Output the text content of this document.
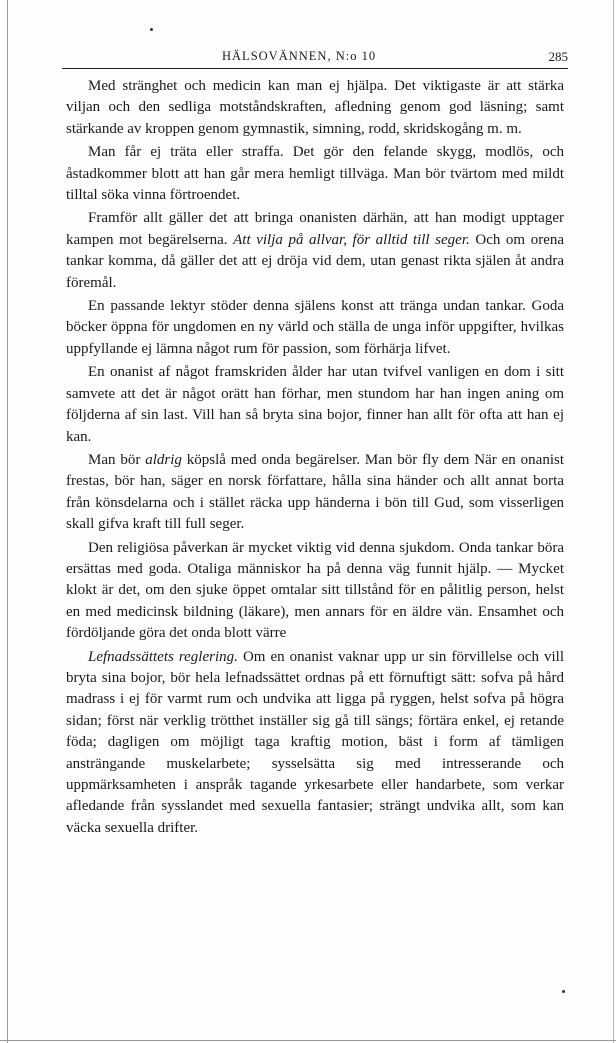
HÄLSOVÄNNEN, N:o 10	285

Med stränghet och medicin kan man ej hjälpa. Det viktigaste är att stärka viljan och den sedliga motståndskraften, afledning genom god läsning; samt stärkande av kroppen genom gymnastik, simning, rodd, skridskogång m. m.

Man får ej träta eller straffa. Det gör den felande skygg, modlös, och åstadkommer blott att han går mera hemligt tillväga. Man bör tvärtom med mildt tilltal söka vinna förtroendet.

Framför allt gäller det att bringa onanisten därhän, att han modigt upptager kampen mot begärelserna. Att vilja på allvar, för alltid till seger. Och om orena tankar komma, då gäller det att ej dröja vid dem, utan genast rikta själen åt andra föremål.

En passande lektyr stöder denna själens konst att tränga undan tankar. Goda böcker öppna för ungdomen en ny värld och ställa de unga inför uppgifter, hvilkas uppfyllande ej lämna något rum för passion, som förhärja lifvet.

En onanist af något framskriden ålder har utan tvifvel vanligen en dom i sitt samvete att det är något orätt han förhar, men stundom har han ingen aning om följderna af sin last. Vill han så bryta sina bojor, finner han allt för ofta att han ej kan.

Man bör aldrig köpslå med onda begärelser. Man bör fly dem När en onanist frestas, bör han, säger en norsk författare, hålla sina händer och allt annat borta från könsdelarna och i stället räcka upp händerna i bön till Gud, som visserligen skall gifva kraft till full seger.

Den religiösa påverkan är mycket viktig vid denna sjukdom. Onda tankar böra ersättas med goda. Otaliga människor ha på denna väg funnit hjälp. — Mycket klokt är det, om den sjuke öppet omtalar sitt tillstånd för en pålitlig person, helst en med medicinsk bildning (läkare), men annars för en äldre vän. Ensamhet och fördöljande göra det onda blott värre

Lefnadssättets reglering. Om en onanist vaknar upp ur sin förvillelse och vill bryta sina bojor, bör hela lefnadssättet ordnas på ett förnuftigt sätt: sofva på hård madrass i ej för varmt rum och undvika att ligga på ryggen, helst sofva på högra sidan; först när verklig trötthet inställer sig gå till sängs; förtära enkel, ej retande föda; dagligen om möjligt taga kraftig motion, bäst i form af tämligen ansträngande muskelarbete; sysselsätta sig med intresserande och uppmärksamheten i anspråk tagande yrkesarbete eller handarbete, som verkar afledande från sysslandet med sexuella fantasier; strängt undvika allt, som kan väcka sexuella drifter.
